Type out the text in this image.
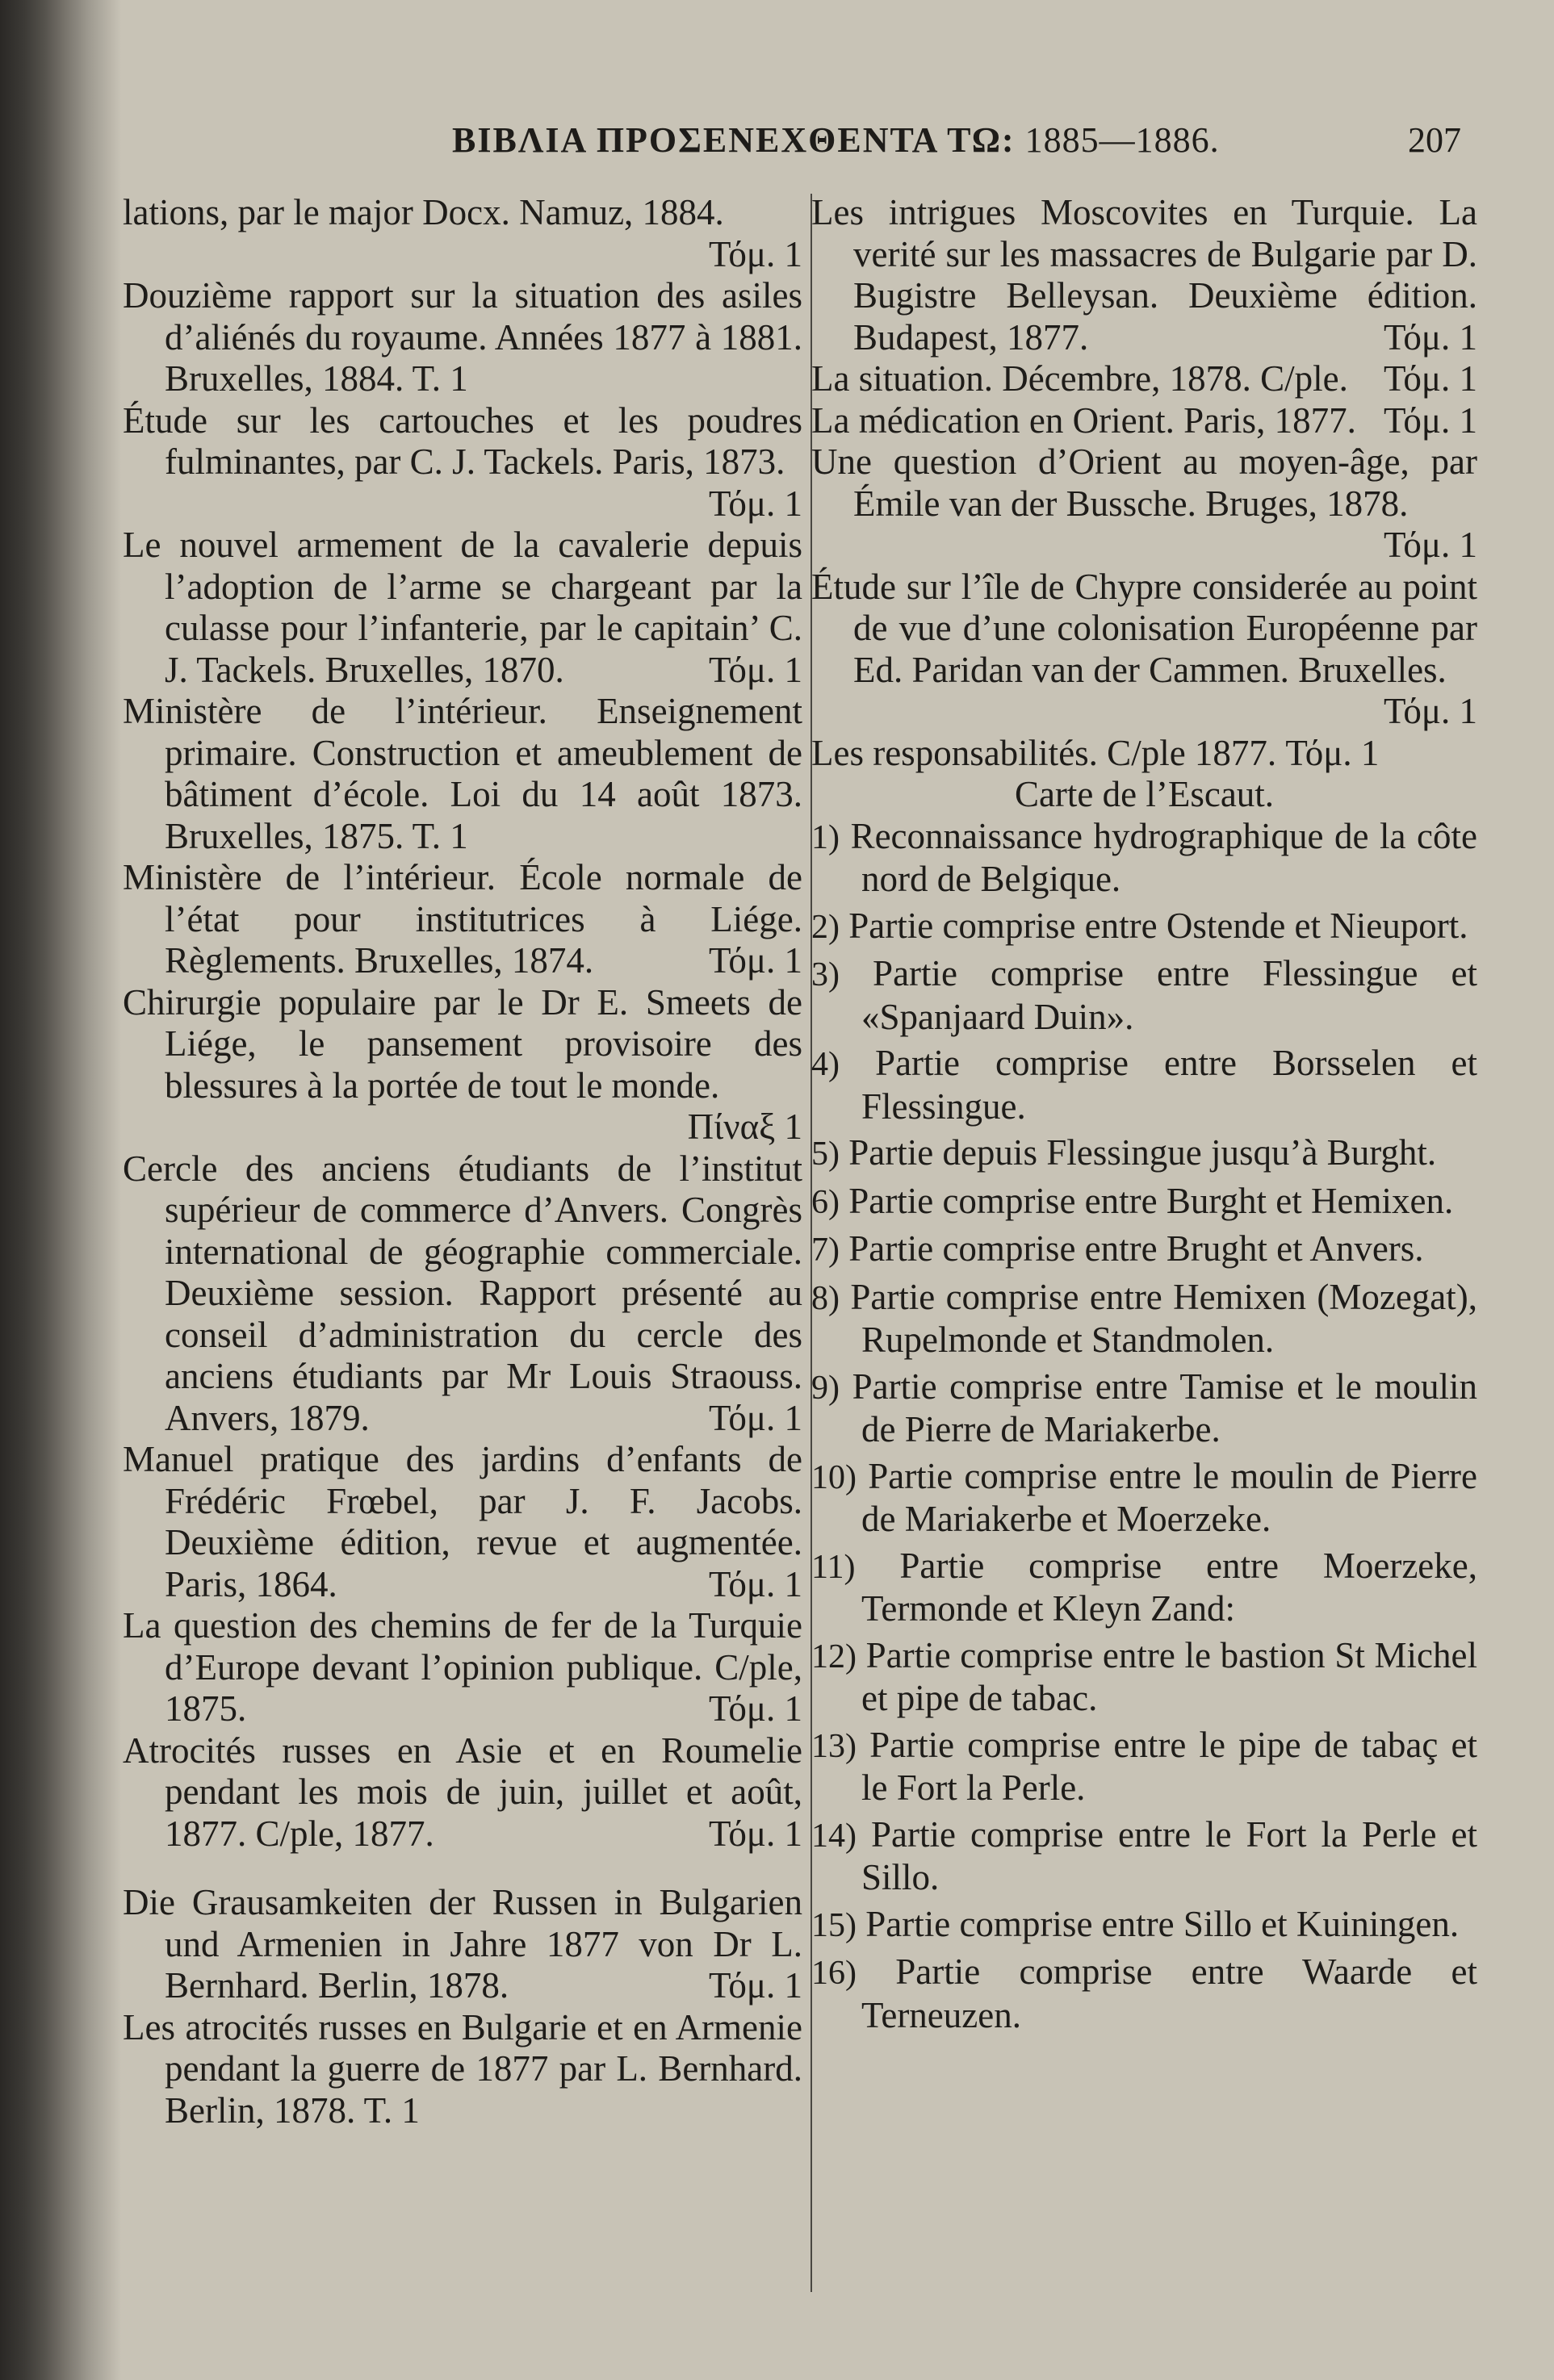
ΒΙΒΛΙΑ ΠΡΟΣΕΝΕΧΘΕΝΤΑ ΤΩ: 1885—1886.	207

lations, par le major Docx. Namuz, 1884.
Τόμ. 1

Douzième rapport sur la situation des asiles d’aliénés du royaume. Années 1877 à 1881. Bruxelles, 1884. T. 1

Étude sur les cartouches et les poudres fulminantes, par C. J. Tackels. Paris, 1873.
Τόμ. 1

Le nouvel armement de la cavalerie depuis l’adoption de l’arme se chargeant par la culasse pour l’infanterie, par le capitain’ C. J. Tackels. Bruxelles, 1870.	Τόμ. 1

Ministère de l’intérieur. Enseignement primaire. Construction et ameublement de bâtiment d’école. Loi du 14 août 1873. Bruxelles, 1875. T. 1

Ministère de l’intérieur. École normale de l’état pour institutrices à Liége. Règlements. Bruxelles, 1874.	Τόμ. 1

Chirurgie populaire par le Dr E. Smeets de Liége, le pansement provisoire des blessures à la portée de tout le monde.
Πίναξ 1

Cercle des anciens étudiants de l’institut supérieur de commerce d’Anvers. Congrès international de géographie commerciale. Deuxième session. Rapport présenté au conseil d’administration du cercle des anciens étudiants par Mr Louis Straouss. Anvers, 1879.	Τόμ. 1

Manuel pratique des jardins d’enfants de Frédéric Frœbel, par J. F. Jacobs. Deuxième édition, revue et augmentée. Paris, 1864.	Τόμ. 1

La question des chemins de fer de la Turquie d’Europe devant l’opinion publique. C/ple, 1875.	Τόμ. 1

Atrocités russes en Asie et en Roumelie pendant les mois de juin, juillet et août, 1877. C/ple, 1877.	Τόμ. 1

Die Grausamkeiten der Russen in Bulgarien und Armenien in Jahre 1877 von Dr L. Bernhard. Berlin, 1878.	Τόμ. 1

Les atrocités russes en Bulgarie et en Armenie pendant la guerre de 1877 par L. Bernhard. Berlin, 1878. T. 1

Les intrigues Moscovites en Turquie. La verité sur les massacres de Bulgarie par D. Bugistre Belleysan. Deuxième édition. Budapest, 1877.	Τόμ. 1

La situation. Décembre, 1878. C/ple. Τόμ. 1

La médication en Orient. Paris, 1877. Τόμ. 1

Une question d’Orient au moyen-âge, par Émile van der Bussche. Bruges, 1878.
Τόμ. 1

Étude sur l’île de Chypre considerée au point de vue d’une colonisation Européenne par Ed. Paridan van der Cammen. Bruxelles.
Τόμ. 1

Les responsabilités. C/ple 1877. Τόμ. 1

Carte de l’Escaut.

1) Reconnaissance hydrographique de la côte nord de Belgique.

2) Partie comprise entre Ostende et Nieuport.

3) Partie comprise entre Flessingue et «Spanjaard Duin».

4) Partie comprise entre Borsselen et Flessingue.

5) Partie depuis Flessingue jusqu’à Burght.

6) Partie comprise entre Burght et Hemixen.

7) Partie comprise entre Brught et Anvers.

8) Partie comprise entre Hemixen (Mozegat), Rupelmonde et Standmolen.

9) Partie comprise entre Tamise et le moulin de Pierre de Mariakerbe.

10) Partie comprise entre le moulin de Pierre de Mariakerbe et Moerzeke.

11) Partie comprise entre Moerzeke, Termonde et Kleyn Zand:

12) Partie comprise entre le bastion St Michel et pipe de tabac.

13) Partie comprise entre le pipe de tabaç et le Fort la Perle.

14) Partie comprise entre le Fort la Perle et Sillo.

15) Partie comprise entre Sillo et Kuiningen.

16) Partie comprise entre Waarde et Terneuzen.
